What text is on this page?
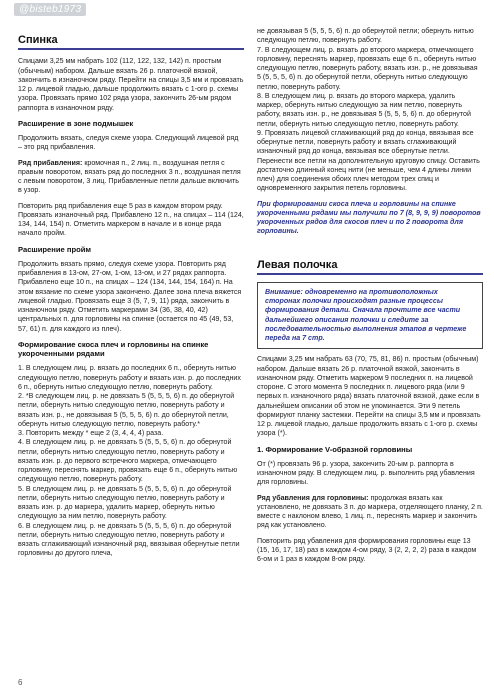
@bisteb1973
Спинка

Спицами 3,25 мм набрать 102 (112, 122, 132, 142) п. простым (обычным) набором. Дальше вязать 26 р. платочной вязкой, закончить в изнаночном ряду. Перейти на спицы 3,5 мм и провязать 12 р. лицевой гладью, дальше продолжить вязать с 1-ого р. схемы узора. Провязать прямо 102 ряда узора, закончить 26-ым рядом раппорта в изнаночном ряду.

Расширение в зоне подмышек

Продолжить вязать, следуя схеме узора. Следующий лицевой ряд – это ряд прибавления.

Ряд прибавления: кромочная п., 2 лиц. п., воздушная петля с правым поворотом, вязать ряд до последних 3 п., воздушная петля с левым поворотом, 3 лиц. Прибавленные петли дальше включить в узор.

Повторить ряд прибавления еще 5 раз в каждом втором ряду. Провязать изнаночный ряд. Прибавлено 12 п., на спицах – 114 (124, 134, 144, 154) п. Отметить маркером в начале и в конце ряда начало пройм.

Расширение пройм

Продолжить вязать прямо, следуя схеме узора. Повторить ряд прибавления в 13-ом, 27-ом, 1-ом, 13-ом, и 27 рядах раппорта. Прибавлено еще 10 п., на спицах – 124 (134, 144, 154, 164) п. На этом вязание по схеме узора закончено. Далее зона плеча вяжется лицевой гладью. Провязать еще 3 (5, 7, 9, 11) ряда, закончить в изнаночном ряду. Отметить маркерами 34 (36, 38, 40, 42) центральных п. для горловины на спинке (остается по 45 (49, 53, 57, 61) п. для каждого из плеч).

Формирование скоса плеч и горловины на спинке укороченными рядами

1. В следующем лиц. р. вязать до последних 6 п., обернуть нитью следующую петлю, повернуть работу и вязать изн. р. до последних 6 п., обернуть нитью следующую петлю, повернуть работу.

2. *В следующем лиц. р. не довязать 5 (5, 5, 5, 6) п. до обернутой петли, обернуть нитью следующую петлю, повернуть работу и вязать изн. р., не довязывая 5 (5, 5, 5, 6) п. до обернутой петли, обернуть нитью следующую петлю, повернуть работу.*

3. Повторить между * еще 2 (3, 4, 4, 4) раза.

4. В следующем лиц. р. не довязать 5 (5, 5, 5, 6) п. до обернутой петли, обернуть нитью следующую петлю, повернуть работу и вязать изн. р. до первого встречного маркера, отмечающего горловину, переснять маркер, провязать еще 6 п., обернуть нитью следующую петлю, повернуть работу.

5. В следующем лиц. р. не довязать 5 (5, 5, 5, 6) п. до обернутой петли, обернуть нитью следующую петлю, повернуть работу и вязать изн. р. до маркера, удалить маркер, обернуть нитью следующую за ним петлю, повернуть работу.

6. В следующем лиц. р. не довязать 5 (5, 5, 5, 6) п. до обернутой петли, обернуть нитью следующую петлю, повернуть работу и вязать сглаживающий изнаночный ряд, ввязывая обернутые петли горловины до другого плеча,

не довязывая 5 (5, 5, 5, 6) п. до обернутой петли; обернуть нитью следующую петлю, повернуть работу.

7. В следующем лиц. р. вязать до второго маркера, отмечающего горловину, переснять маркер, провязать еще 6 п., обернуть нитью следующую петлю, повернуть работу, вязать изн. р., не довязывая 5 (5, 5, 5, 6) п. до обернутой петли, обернуть нитью следующую петлю, повернуть работу.

8. В следующем лиц. р. вязать до второго маркера, удалить маркер, обернуть нитью следующую за ним петлю, повернуть работу, вязать изн. р., не довязывая 5 (5, 5, 5, 6) п. до обернутой петли, обернуть нитью следующую петлю, повернуть работу.

9. Провязать лицевой сглаживающий ряд до конца, ввязывая все обернутые петли, повернуть работу и вязать сглаживающий изнаночный ряд до конца, ввязывая все обернутые петли.

Перенести все петли на дополнительную круговую спицу. Оставить достаточно длинный конец нити (не меньше, чем 4 длины линии плеч) для соединения обоих плеч методом трех спиц и одновременного закрытия петель горловины.

При формировании скоса плеча и горловины на спинке укороченными рядами мы получили по 7 (8, 9, 9, 9) поворотов укороченных рядов для скосов плеч и по 2 поворота для горловины.

Левая полочка
Внимание: одновременно на противоположных сторонах полочки происходят разные процессы формирования детали. Сначала прочтите все части дальнейшего описания полочки и следите за последовательностью выполнения этапов в чертеже переда на 7 стр.

Спицами 3,25 мм набрать 63 (70, 75, 81, 86) п. простым (обычным) набором. Дальше вязать 26 р. платочной вязкой, закончить в изнаночном ряду. Отметить маркером 9 последних п. на лицевой стороне. С этого момента 9 последних п. лицевого ряда (или 9 первых п. изнаночного ряда) вязать платочной вязкой, даже если в дальнейшем описании об этом не упоминается. Эти 9 петель формируют планку застежки. Перейти на спицы 3,5 мм и провязать 12 р. лицевой гладью, дальше продолжить вязать с 1-ого р. схемы узора (*).

1. Формирование V-образной горловины

От (*) провязать 96 р. узора, закончить 20-ым р. раппорта в изнаночном ряду. В следующем лиц. р. выполнить ряд убавления для горловины.

Ряд убавления для горловины: продолжая вязать как установлено, не довязать 3 п. до маркера, отделяющего планку, 2 п. вместе с наклоном влево, 1 лиц. п., переснять маркер и закончить ряд как установлено.

Повторить ряд убавления для формирования горловины еще 13 (15, 16, 17, 18) раз в каждом 4-ом ряду, 3 (2, 2, 2, 2) раза в каждом 6-ом и 1 раз в каждом 8-ом ряду.

6
